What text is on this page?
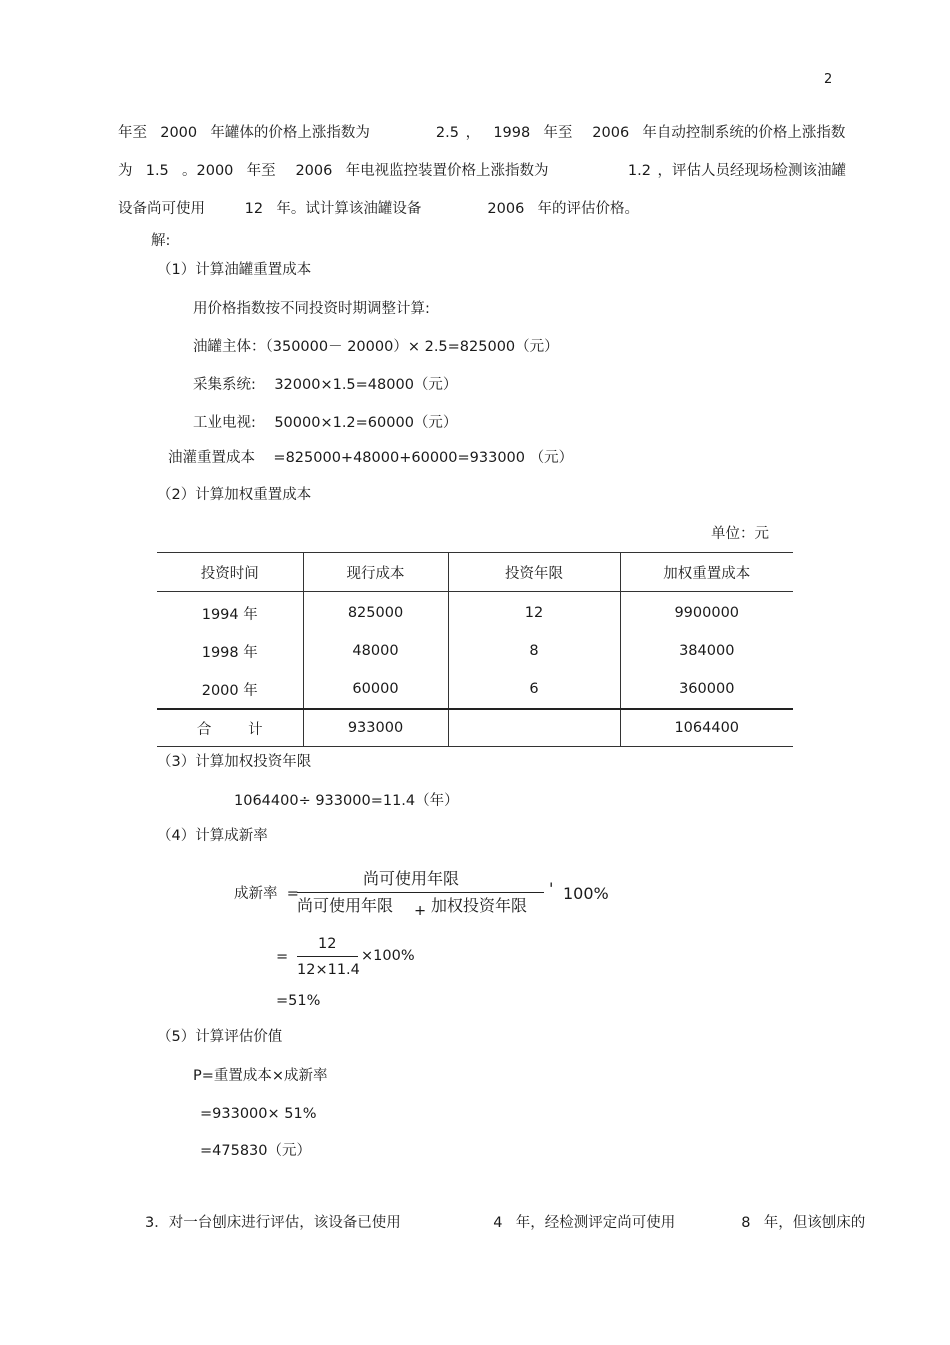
2
年至  2000  年罐体的价格上涨指数为          2.5 ，  1998  年至   2006  年自动控制系统的价格上涨指数
为  1.5  。2000  年至   2006  年电视监控装置价格上涨指数为            1.2 ，评估人员经现场检测该油罐
设备尚可使用      12  年。试计算该油罐设备          2006  年的评估价格。
解:
（1）计算油罐重置成本
用价格指数按不同投资时期调整计算:
油罐主体：（350000－ 20000）× 2.5=825000（元）
采集系统:    32000×1.5=48000（元）
工业电视:    50000×1.2=60000（元）
油灌重置成本    =825000+48000+60000=933000 （元）
（2）计算加权重置成本
单位：元
投资时间	现行成本	投资年限	加权重置成本
1994 年	825000	12	9900000
1998 年	48000	8	384000
2000 年	60000	6	360000
合        计	933000		1064400
（3）计算加权投资年限
1064400÷ 933000=11.4（年）
（4）计算成新率
成新率  =
尚可使用年限
尚可使用年限 + 加权投资年限
' 100%
=
12
12×11.4
×100%
=51%
（5）计算评估价值
P=重置成本×成新率
=933000× 51%
=475830（元）
3．对一台刨床进行评估，该设备已使用              4  年，经检测评定尚可使用          8  年，但该刨床的
